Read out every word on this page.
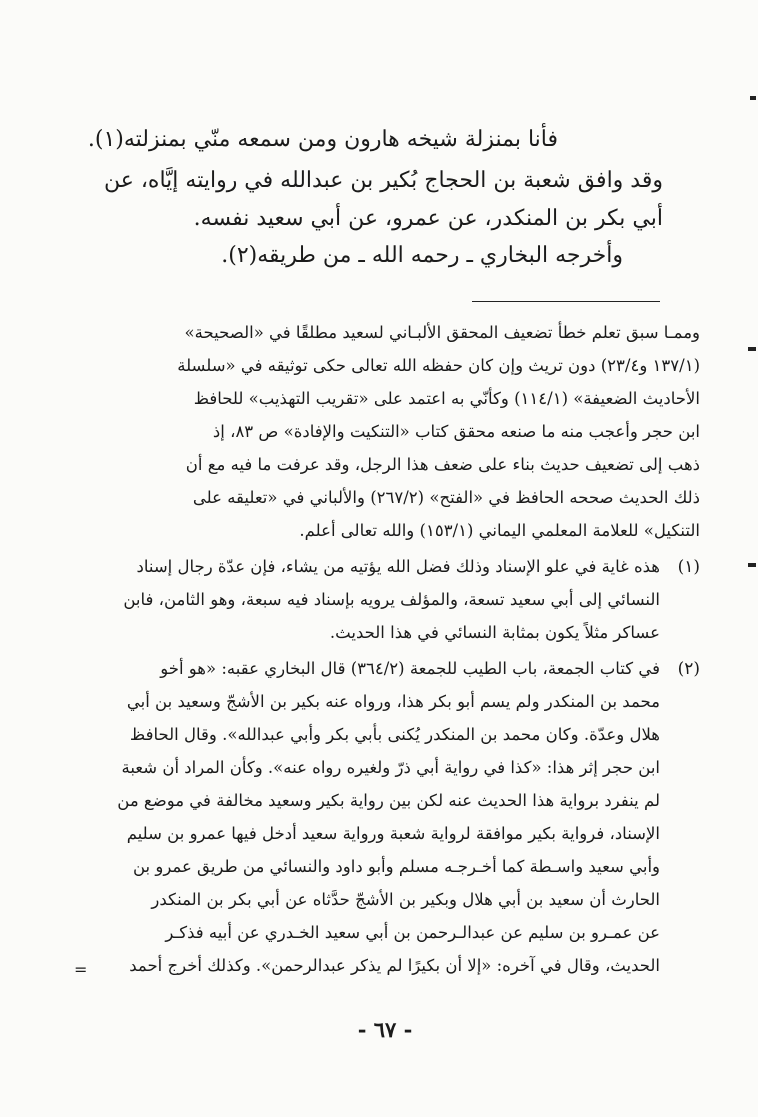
فأنا بمنزلة شيخه هارون ومن سمعه منّي بمنزلته(١).
وقد وافق شعبة بن الحجاج بُكير بن عبدالله في روايته إيَّاه، عن
أبي بكر بن المنكدر، عن عمرو، عن أبي سعيد نفسه.
وأخرجه البخاري ـ رحمه الله ـ من طريقه(٢).
وممـا سبق تعلم خطأ تضعيف المحقق الألبـاني لسعيد مطلقًا في «الصحيحة»
(١٣٧/١ و٢٣/٤) دون تريث وإن كان حفظه الله تعالى حكى توثيقه في «سلسلة
الأحاديث الضعيفة» (١١٤/١) وكأنّي به اعتمد على «تقريب التهذيب» للحافظ
ابن حجر وأعجب منه ما صنعه محقق كتاب «التنكيت والإفادة» ص ٨٣، إذ
ذهب إلى تضعيف حديث بناء على ضعف هذا الرجل، وقد عرفت ما فيه مع أن
ذلك الحديث صححه الحافظ في «الفتح» (٢٦٧/٢) والألباني في «تعليقه على
التنكيل» للعلامة المعلمي اليماني (١٥٣/١) والله تعالى أعلم.
(١)
هذه غاية في علو الإسناد وذلك فضل الله يؤتيه من يشاء، فإن عدّة رجال إسناد
النسائي إلى أبي سعيد تسعة، والمؤلف يرويه بإسناد فيه سبعة، وهو الثامن، فابن
عساكر مثلاً يكون بمثابة النسائي في هذا الحديث.
(٢)
في كتاب الجمعة، باب الطيب للجمعة (٣٦٤/٢) قال البخاري عقبه: «هو أخو
محمد بن المنكدر ولم يسم أبو بكر هذا، ورواه عنه بكير بن الأشجّ وسعيد بن أبي
هلال وعدّة. وكان محمد بن المنكدر يُكنى بأبي بكر وأبي عبدالله». وقال الحافظ
ابن حجر إثر هذا: «كذا في رواية أبي ذرّ ولغيره رواه عنه». وكأن المراد أن شعبة
لم ينفرد برواية هذا الحديث عنه لكن بين رواية بكير وسعيد مخالفة في موضع من
الإسناد، فرواية بكير موافقة لرواية شعبة ورواية سعيد أدخل فيها عمرو بن سليم
وأبي سعيد واسـطة كما أخـرجـه مسلم وأبو داود والنسائي من طريق عمرو بن
الحارث أن سعيد بن أبي هلال وبكير بن الأشجّ حدَّثاه عن أبي بكر بن المنكدر
عن عمـرو بن سليم عن عبدالـرحمن بن أبي سعيد الخـدري عن أبيه فذكـر
الحديث، وقال في آخره: «إلا أن بكيرًا لم يذكر عبدالرحمن». وكذلك أخرج أحمد
=
- ٦٧ -
